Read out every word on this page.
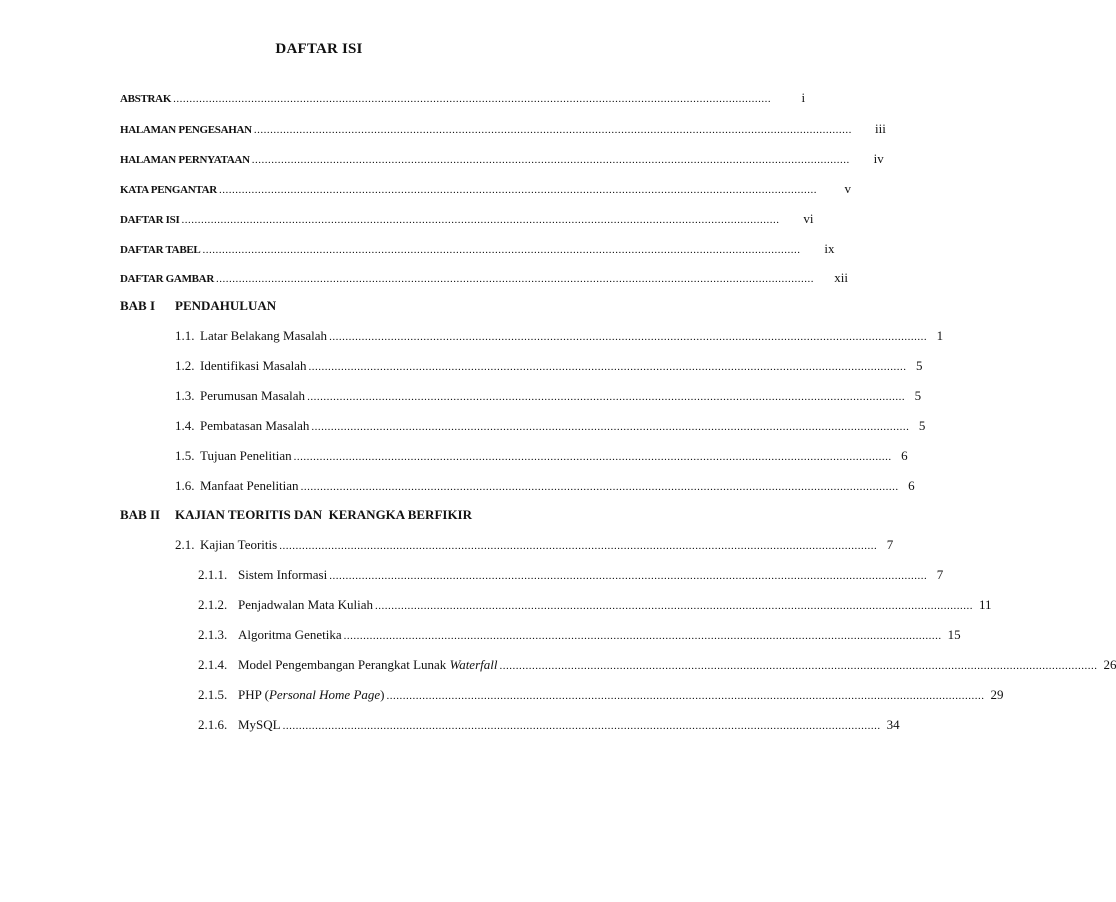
DAFTAR ISI
ABSTRAK ........................................................................................................................................................................................	i
HALAMAN PENGESAHAN ........................................................................................................................................................................................	iii
HALAMAN PERNYATAAN ........................................................................................................................................................................................	iv
KATA PENGANTAR ........................................................................................................................................................................................	v
DAFTAR ISI ........................................................................................................................................................................................	vi
DAFTAR TABEL ........................................................................................................................................................................................	ix
DAFTAR GAMBAR ........................................................................................................................................................................................	xii
BAB I PENDAHULUAN
1.1. Latar Belakang Masalah ........................................................................................................................................................................................ 1
1.2. Identifikasi Masalah ........................................................................................................................................................................................ 5
1.3. Perumusan Masalah ........................................................................................................................................................................................ 5
1.4. Pembatasan Masalah ........................................................................................................................................................................................ 5
1.5. Tujuan Penelitian ........................................................................................................................................................................................ 6
1.6. Manfaat Penelitian ........................................................................................................................................................................................ 6
BAB II KAJIAN TEORITIS DAN  KERANGKA BERFIKIR
2.1. Kajian Teoritis ........................................................................................................................................................................................ 7
2.1.1. Sistem Informasi ........................................................................................................................................................................................ 7
2.1.2. Penjadwalan Mata Kuliah ........................................................................................................................................................................................ 11
2.1.3. Algoritma Genetika ........................................................................................................................................................................................ 15
2.1.4. Model Pengembangan Perangkat Lunak Waterfall ........................................................................................................................................................................................ 26
2.1.5. PHP (Personal Home Page) ........................................................................................................................................................................................ 29
2.1.6. MySQL ........................................................................................................................................................................................ 34
